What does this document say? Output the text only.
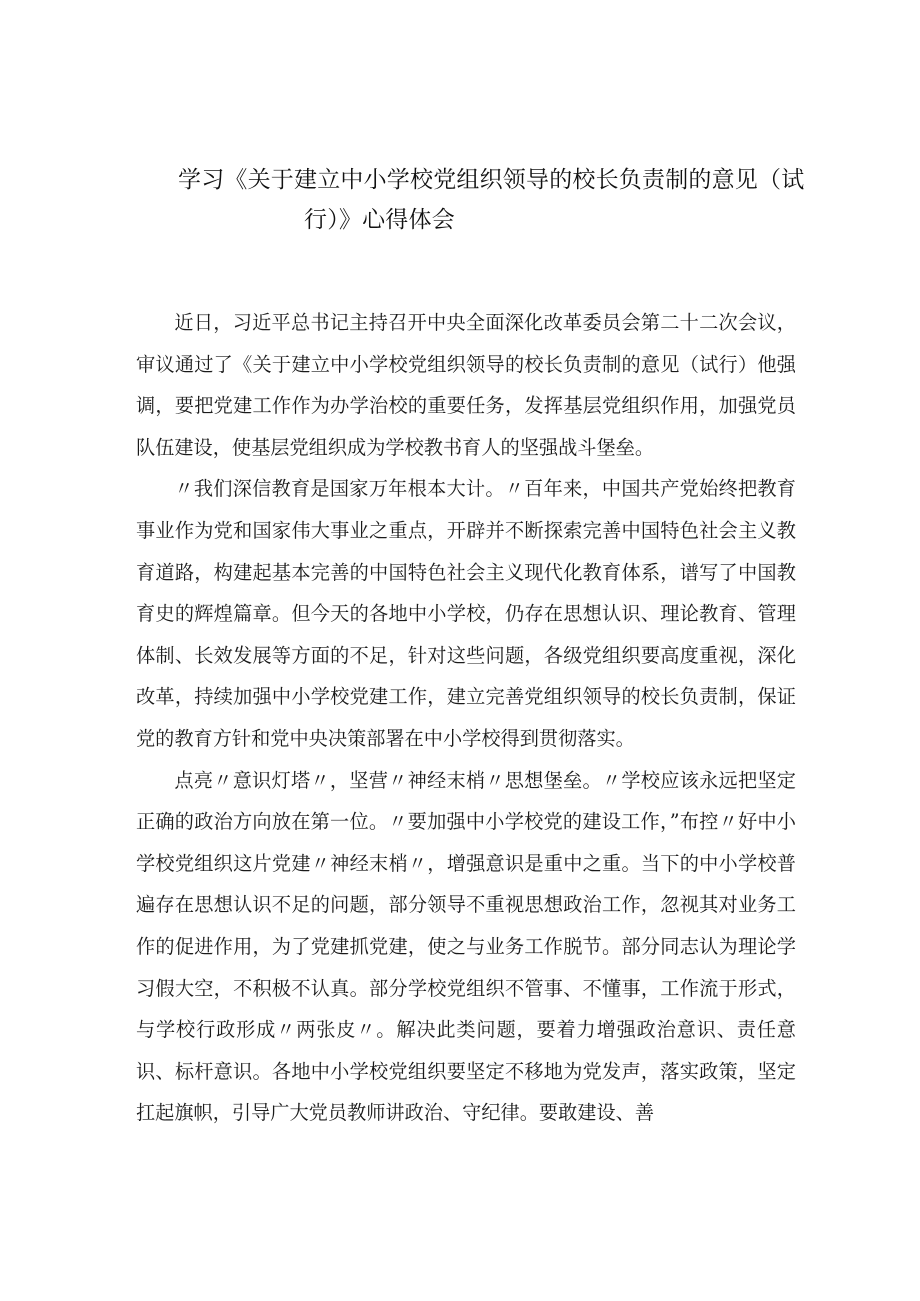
学习《关于建立中小学校党组织领导的校长负责制的意见（试
行）》心得体会

近日，习近平总书记主持召开中央全面深化改革委员会第二十二次会议，审议通过了《关于建立中小学校党组织领导的校长负责制的意见（试行）他强调，要把党建工作作为办学治校的重要任务，发挥基层党组织作用，加强党员队伍建设，使基层党组织成为学校教书育人的坚强战斗堡垒。

〃我们深信教育是国家万年根本大计。〃百年来，中国共产党始终把教育事业作为党和国家伟大事业之重点，开辟并不断探索完善中国特色社会主义教育道路，构建起基本完善的中国特色社会主义现代化教育体系，谱写了中国教育史的辉煌篇章。但今天的各地中小学校，仍存在思想认识、理论教育、管理体制、长效发展等方面的不足，针对这些问题，各级党组织要高度重视，深化改革，持续加强中小学校党建工作，建立完善党组织领导的校长负责制，保证党的教育方针和党中央决策部署在中小学校得到贯彻落实。

点亮〃意识灯塔〃，坚营〃神经末梢〃思想堡垒。〃学校应该永远把坚定正确的政治方向放在第一位。〃要加强中小学校党的建设工作，”布控〃好中小学校党组织这片党建〃神经末梢〃，增强意识是重中之重。当下的中小学校普遍存在思想认识不足的问题，部分领导不重视思想政治工作，忽视其对业务工作的促进作用，为了党建抓党建，使之与业务工作脱节。部分同志认为理论学习假大空，不积极不认真。部分学校党组织不管事、不懂事，工作流于形式，与学校行政形成〃两张皮〃。解决此类问题，要着力增强政治意识、责任意识、标杆意识。各地中小学校党组织要坚定不移地为党发声，落实政策，坚定扛起旗帜，引导广大党员教师讲政治、守纪律。要敢建设、善
